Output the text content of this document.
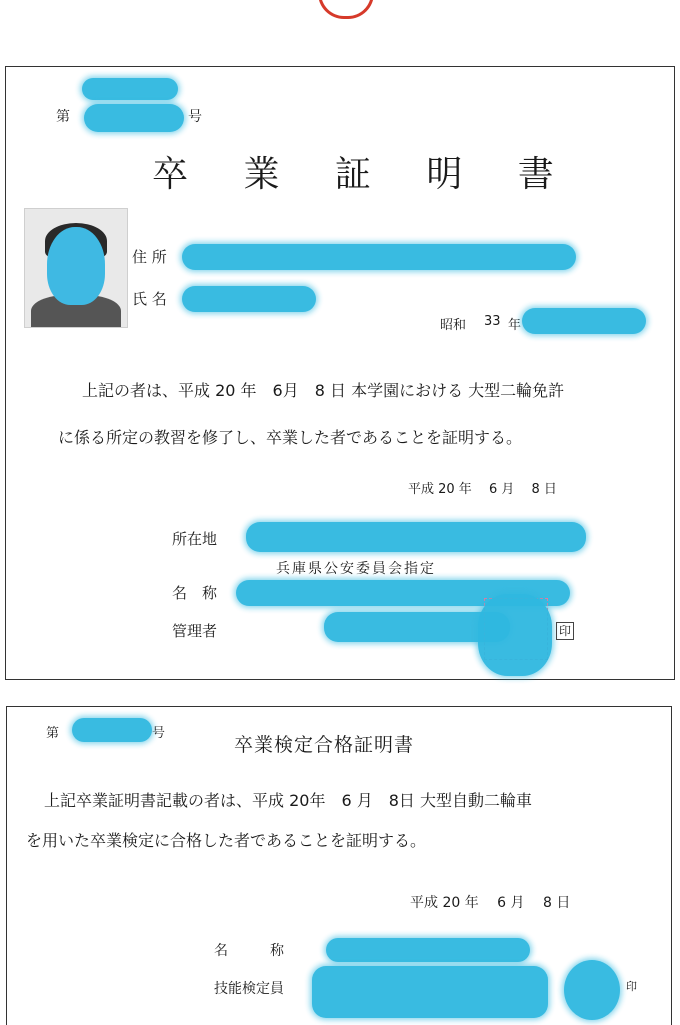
第	号
卒 業 証 明 書
住 所
氏 名
昭和 33 年
上記の者は、平成 20 年　6月　8 日 本学園における 大型二輪免許
に係る所定の教習を修了し、卒業した者であることを証明する。
平成 20 年　 6 月　 8 日
所在地
兵庫県公安委員会指定
名　称
管理者	印
第	号
卒業検定合格証明書
上記卒業証明書記載の者は、平成 20年　6 月　8日 大型自動二輪車
を用いた卒業検定に合格した者であることを証明する。
平成 20 年　 6 月　 8 日
名　　　称
技能検定員	印
